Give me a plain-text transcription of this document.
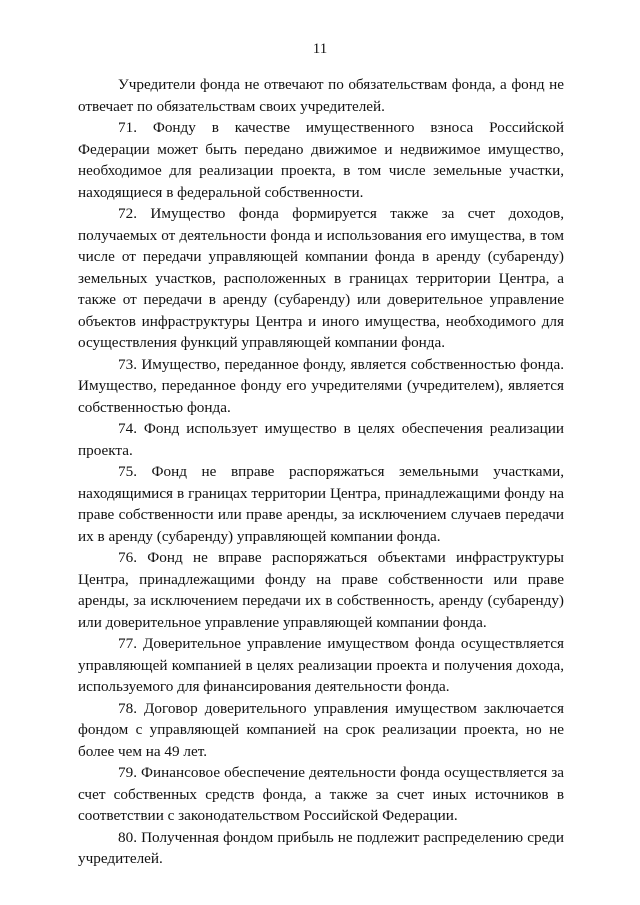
11

Учредители фонда не отвечают по обязательствам фонда, а фонд не отвечает по обязательствам своих учредителей.

71. Фонду в качестве имущественного взноса Российской Федерации может быть передано движимое и недвижимое имущество, необходимое для реализации проекта, в том числе земельные участки, находящиеся в федеральной собственности.

72. Имущество фонда формируется также за счет доходов, получаемых от деятельности фонда и использования его имущества, в том числе от передачи управляющей компании фонда в аренду (субаренду) земельных участков, расположенных в границах территории Центра, а также от передачи в аренду (субаренду) или доверительное управление объектов инфраструктуры Центра и иного имущества, необходимого для осуществления функций управляющей компании фонда.

73. Имущество, переданное фонду, является собственностью фонда. Имущество, переданное фонду его учредителями (учредителем), является собственностью фонда.

74. Фонд использует имущество в целях обеспечения реализации проекта.

75. Фонд не вправе распоряжаться земельными участками, находящимися в границах территории Центра, принадлежащими фонду на праве собственности или праве аренды, за исключением случаев передачи их в аренду (субаренду) управляющей компании фонда.

76. Фонд не вправе распоряжаться объектами инфраструктуры Центра, принадлежащими фонду на праве собственности или праве аренды, за исключением передачи их в собственность, аренду (субаренду) или доверительное управление управляющей компании фонда.

77. Доверительное управление имуществом фонда осуществляется управляющей компанией в целях реализации проекта и получения дохода, используемого для финансирования деятельности фонда.

78. Договор доверительного управления имуществом заключается фондом с управляющей компанией на срок реализации проекта, но не более чем на 49 лет.

79. Финансовое обеспечение деятельности фонда осуществляется за счет собственных средств фонда, а также за счет иных источников в соответствии с законодательством Российской Федерации.

80. Полученная фондом прибыль не подлежит распределению среди учредителей.
